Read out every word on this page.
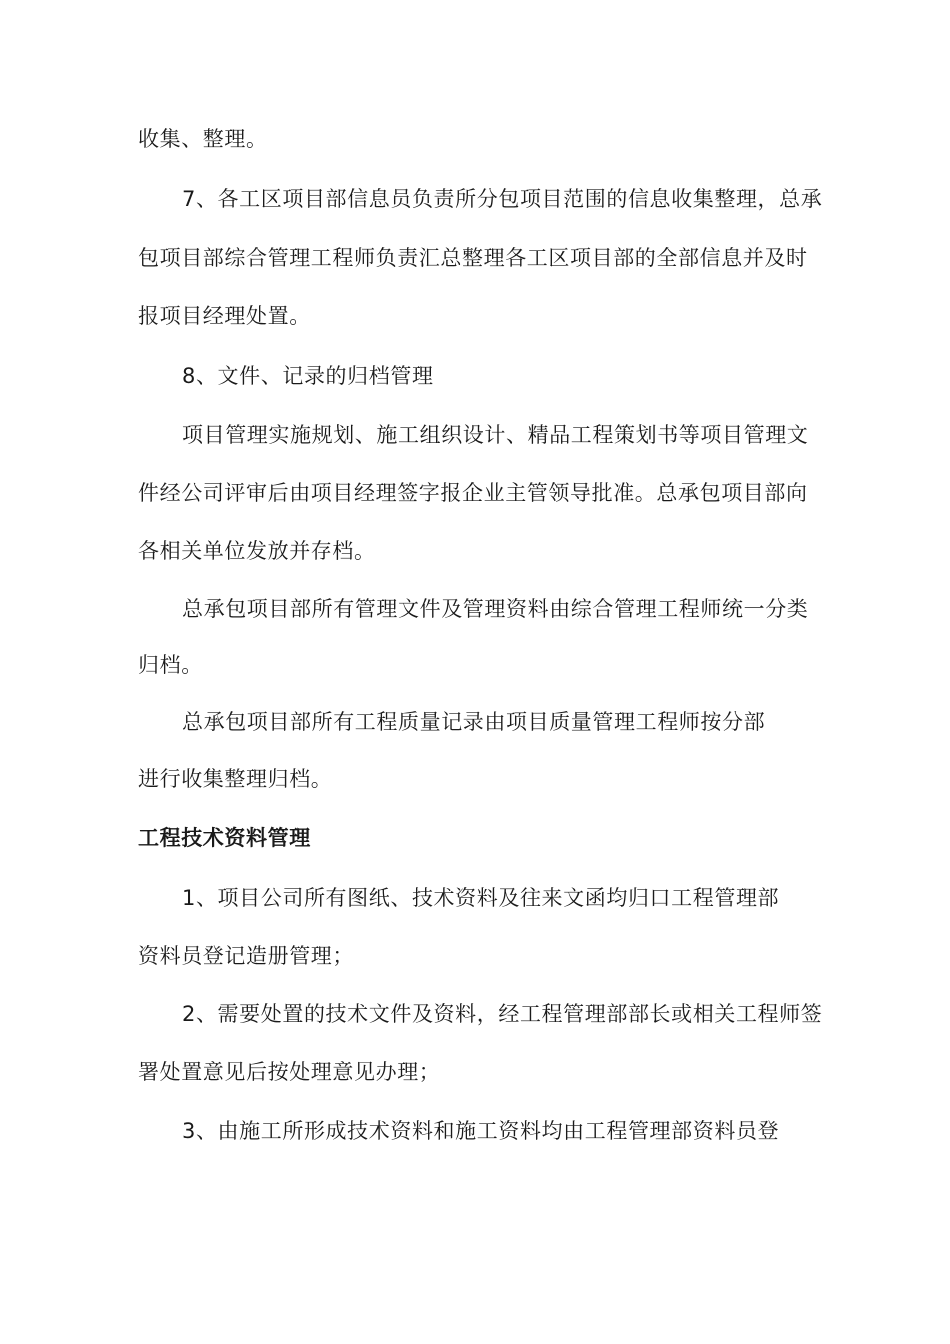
收集、整理。
7、各工区项目部信息员负责所分包项目范围的信息收集整理，总承
包项目部综合管理工程师负责汇总整理各工区项目部的全部信息并及时
报项目经理处置。
8、文件、记录的归档管理
项目管理实施规划、施工组织设计、精品工程策划书等项目管理文
件经公司评审后由项目经理签字报企业主管领导批准。总承包项目部向
各相关单位发放并存档。
总承包项目部所有管理文件及管理资料由综合管理工程师统一分类
归档。
总承包项目部所有工程质量记录由项目质量管理工程师按分部
进行收集整理归档。
工程技术资料管理
1、项目公司所有图纸、技术资料及往来文函均归口工程管理部
资料员登记造册管理；
2、需要处置的技术文件及资料，经工程管理部部长或相关工程师签
署处置意见后按处理意见办理；
3、由施工所形成技术资料和施工资料均由工程管理部资料员登
